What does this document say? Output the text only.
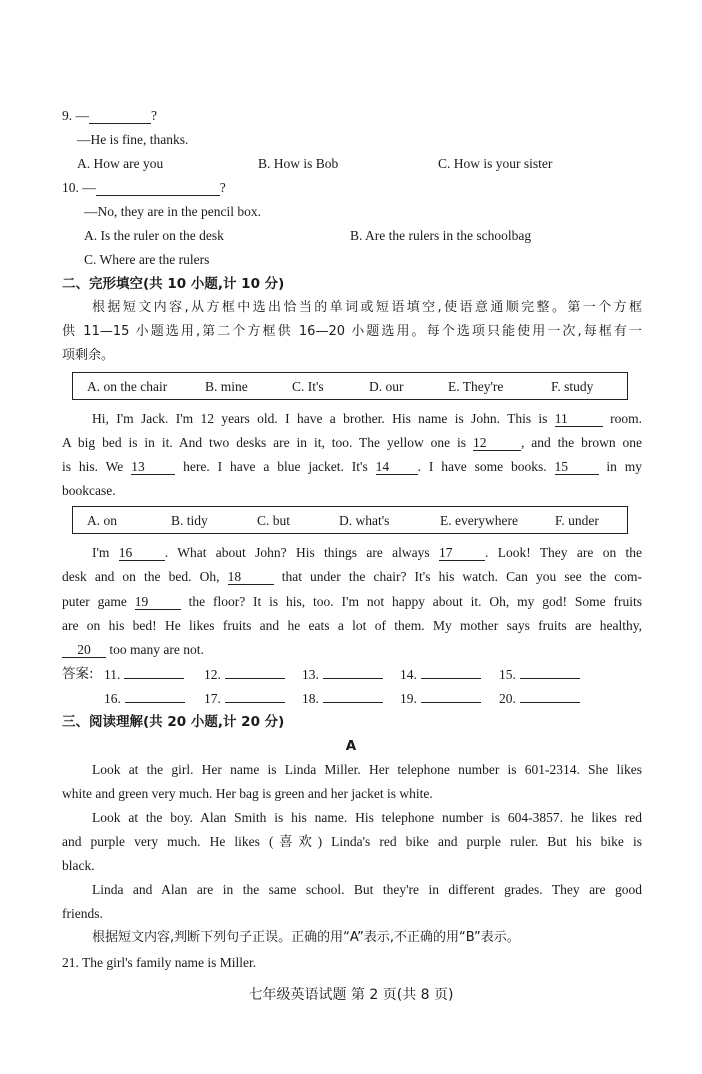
9. —	?
—He is fine, thanks.
A. How are you	B. How is Bob	C. How is your sister
10. —	?
—No, they are in the pencil box.
A. Is the ruler on the desk	B. Are the rulers in the schoolbag
C. Where are the rulers
二、完形填空(共 10 小题,计 10 分)
根据短文内容,从方框中选出恰当的单词或短语填空,使语意通顺完整。第一个方框
供 11—15 小题选用,第二个方框供 16—20 小题选用。每个选项只能使用一次,每框有一
项剩余。
A. on the chair	B. mine	C. It's	D. our	E. They're	F. study
Hi, I'm Jack. I'm 12 years old. I have a brother. His name is John. This is 11	room.
A big bed is in it. And two desks are in it, too. The yellow one is 12	, and the brown one
is his. We 13	here. I have a blue jacket. It's 14 . I have some books. 15	in my
bookcase.
A. on	B. tidy	C. but	D. what's	E. everywhere	F. under
I'm 16 . What about John? His things are always 17 . Look! They are on the
desk and on the bed. Oh, 18	that under the chair? It's his watch. Can you see the com-
puter game 19	the floor? It is his, too. I'm not happy about it. Oh, my god! Some fruits
are on his bed! He likes fruits and he eats a lot of them. My mother says fruits are healthy,
20 too many are not.
答案: 11.	12.	13.	14.	15.
16.	17.	18.	19.	20.
三、阅读理解(共 20 小题,计 20 分)
A
Look at the girl. Her name is Linda Miller. Her telephone number is 601-2314. She likes
white and green very much. Her bag is green and her jacket is white.
Look at the boy. Alan Smith is his name. His telephone number is 604-3857. he likes red
and purple very much. He likes (喜欢) Linda's red bike and purple ruler. But his bike is
black.
Linda and Alan are in the same school. But they're in different grades. They are good
friends.
根据短文内容,判断下列句子正误。正确的用“A”表示,不正确的用“B”表示。
21. The girl's family name is Miller.
七年级英语试题 第 2 页(共 8 页)
